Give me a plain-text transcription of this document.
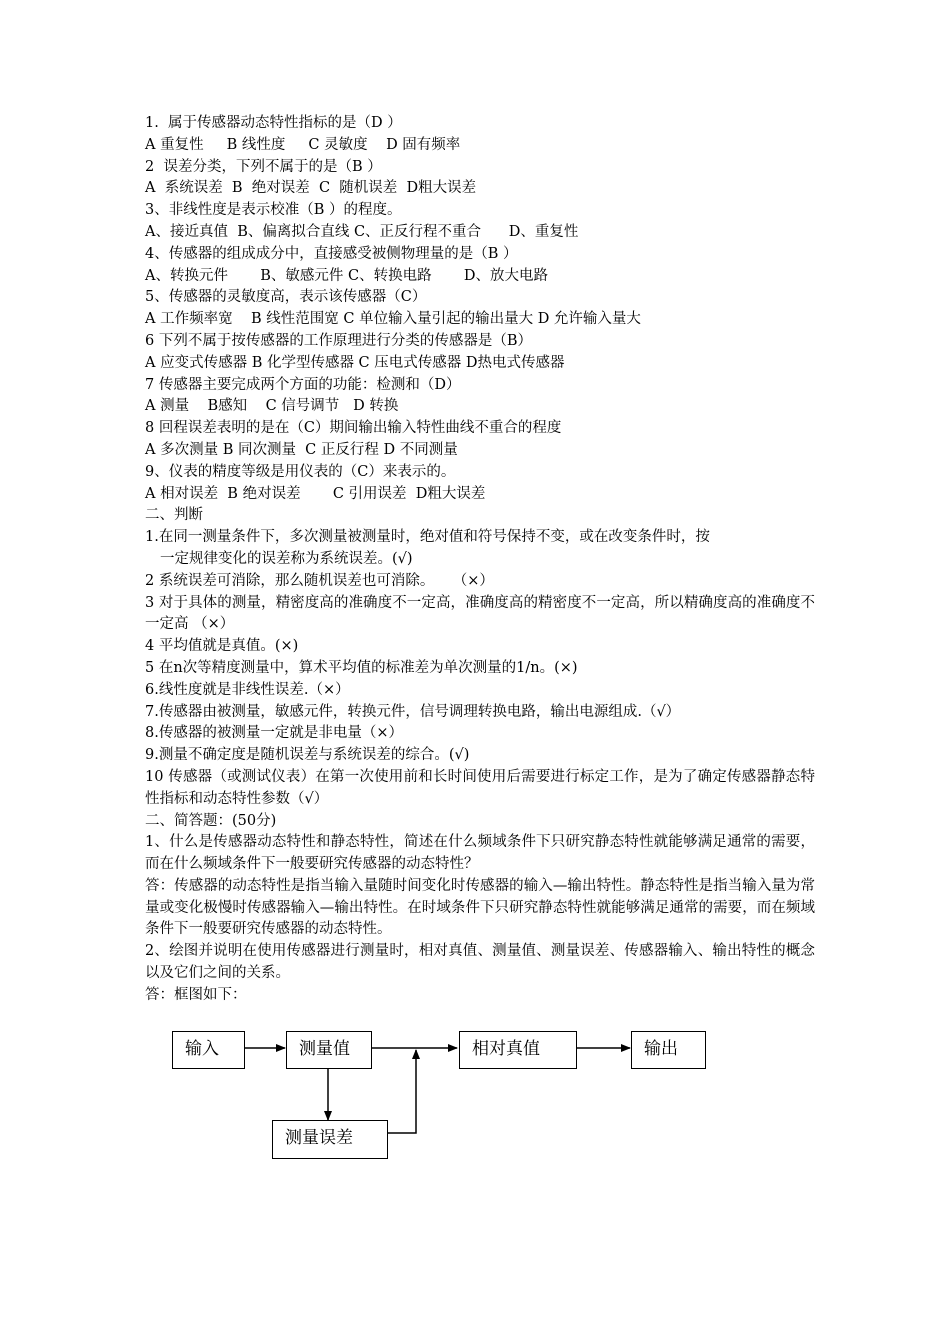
1.  属于传感器动态特性指标的是（D ）
A 重复性     B 线性度     C 灵敏度    D 固有频率
2  误差分类，下列不属于的是（B ）
A  系统误差  B  绝对误差  C  随机误差  D粗大误差
3、非线性度是表示校准（B ）的程度。
A、接近真值  B、偏离拟合直线 C、正反行程不重合      D、重复性
4、传感器的组成成分中，直接感受被侧物理量的是（B ）
A、转换元件       B、敏感元件 C、转换电路       D、放大电路
5、传感器的灵敏度高，表示该传感器（C）
A 工作频率宽    B 线性范围宽 C 单位输入量引起的输出量大 D 允许输入量大
6 下列不属于按传感器的工作原理进行分类的传感器是（B）
A 应变式传感器 B 化学型传感器 C 压电式传感器 D热电式传感器
7 传感器主要完成两个方面的功能：检测和（D）
A 测量    B感知    C 信号调节   D 转换
8 回程误差表明的是在（C）期间输出输入特性曲线不重合的程度
A 多次测量 B 同次测量  C 正反行程 D 不同测量
9、仪表的精度等级是用仪表的（C）来表示的。
A 相对误差  B 绝对误差       C 引用误差  D粗大误差
二、判断
1.在同一测量条件下，多次测量被测量时，绝对值和符号保持不变，或在改变条件时，按
一定规律变化的误差称为系统误差。(√)
2 系统误差可消除，那么随机误差也可消除。    （×）
3 对于具体的测量，精密度高的准确度不一定高，准确度高的精密度不一定高，所以精确度高的准确度不一定高 （×）
4 平均值就是真值。(×)
5 在n次等精度测量中，算术平均值的标准差为单次测量的1/n。(×)
6.线性度就是非线性误差.（×）
7.传感器由被测量，敏感元件，转换元件，信号调理转换电路，输出电源组成.（√）
8.传感器的被测量一定就是非电量（×）
9.测量不确定度是随机误差与系统误差的综合。(√)
10 传感器（或测试仪表）在第一次使用前和长时间使用后需要进行标定工作，是为了确定传感器静态特性指标和动态特性参数（√）
二、简答题：(50分)
1、什么是传感器动态特性和静态特性，简述在什么频域条件下只研究静态特性就能够满足通常的需要，而在什么频域条件下一般要研究传感器的动态特性？
答：传感器的动态特性是指当输入量随时间变化时传感器的输入—输出特性。静态特性是指当输入量为常量或变化极慢时传感器输入—输出特性。在时域条件下只研究静态特性就能够满足通常的需要，而在频域条件下一般要研究传感器的动态特性。
2、绘图并说明在使用传感器进行测量时，相对真值、测量值、测量误差、传感器输入、输出特性的概念以及它们之间的关系。
答：框图如下：
输入	测量值	相对真值	输出
测量误差
